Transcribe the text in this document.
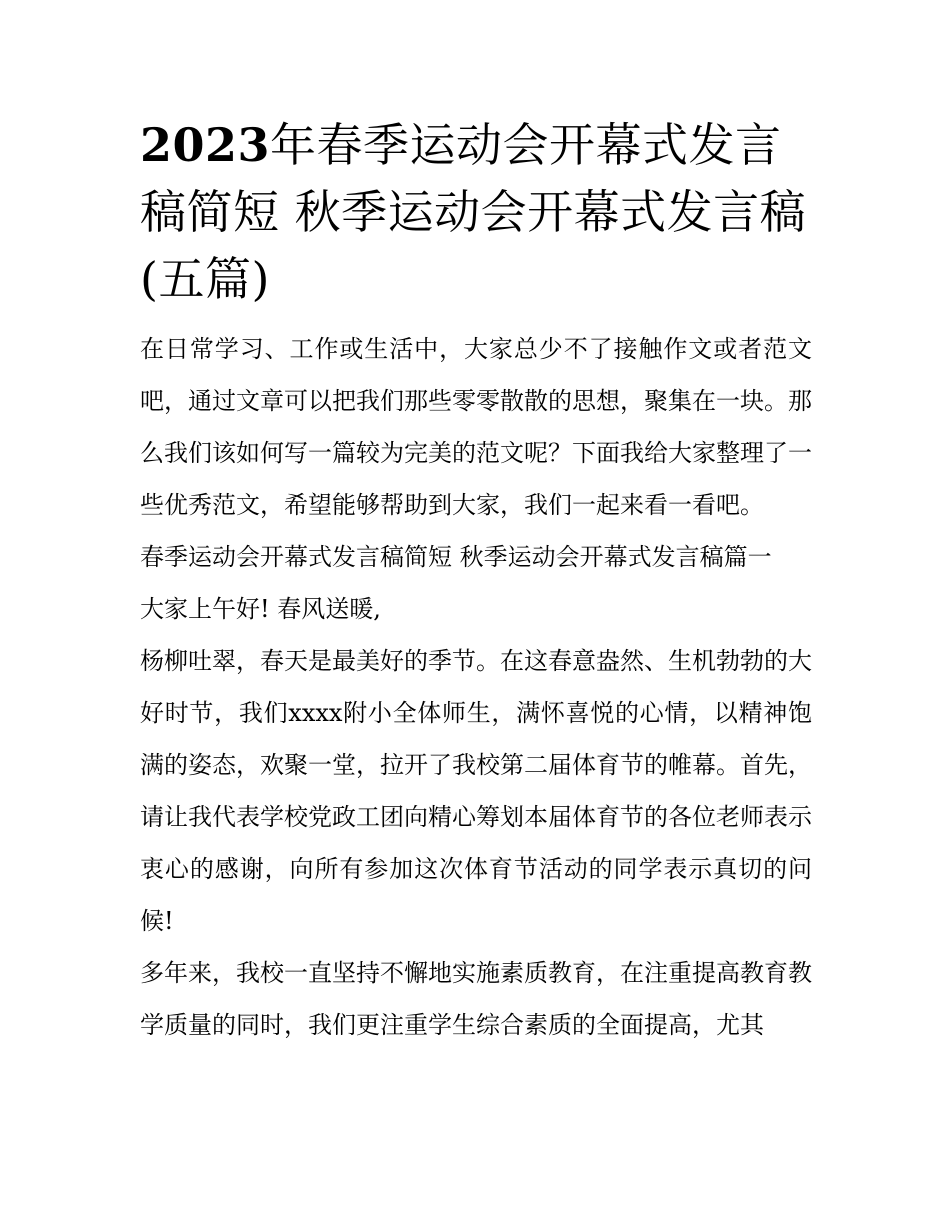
2023年春季运动会开幕式发言稿简短 秋季运动会开幕式发言稿(五篇)

在日常学习、工作或生活中，大家总少不了接触作文或者范文吧，通过文章可以把我们那些零零散散的思想，聚集在一块。那么我们该如何写一篇较为完美的范文呢？下面我给大家整理了一些优秀范文，希望能够帮助到大家，我们一起来看一看吧。

春季运动会开幕式发言稿简短 秋季运动会开幕式发言稿篇一

大家上午好! 春风送暖,

杨柳吐翠，春天是最美好的季节。在这春意盎然、生机勃勃的大好时节，我们xxxx附小全体师生，满怀喜悦的心情，以精神饱满的姿态，欢聚一堂，拉开了我校第二届体育节的帷幕。首先，请让我代表学校党政工团向精心筹划本届体育节的各位老师表示衷心的感谢，向所有参加这次体育节活动的同学表示真切的问候!

多年来，我校一直坚持不懈地实施素质教育，在注重提高教育教学质量的同时，我们更注重学生综合素质的全面提高，尤其
